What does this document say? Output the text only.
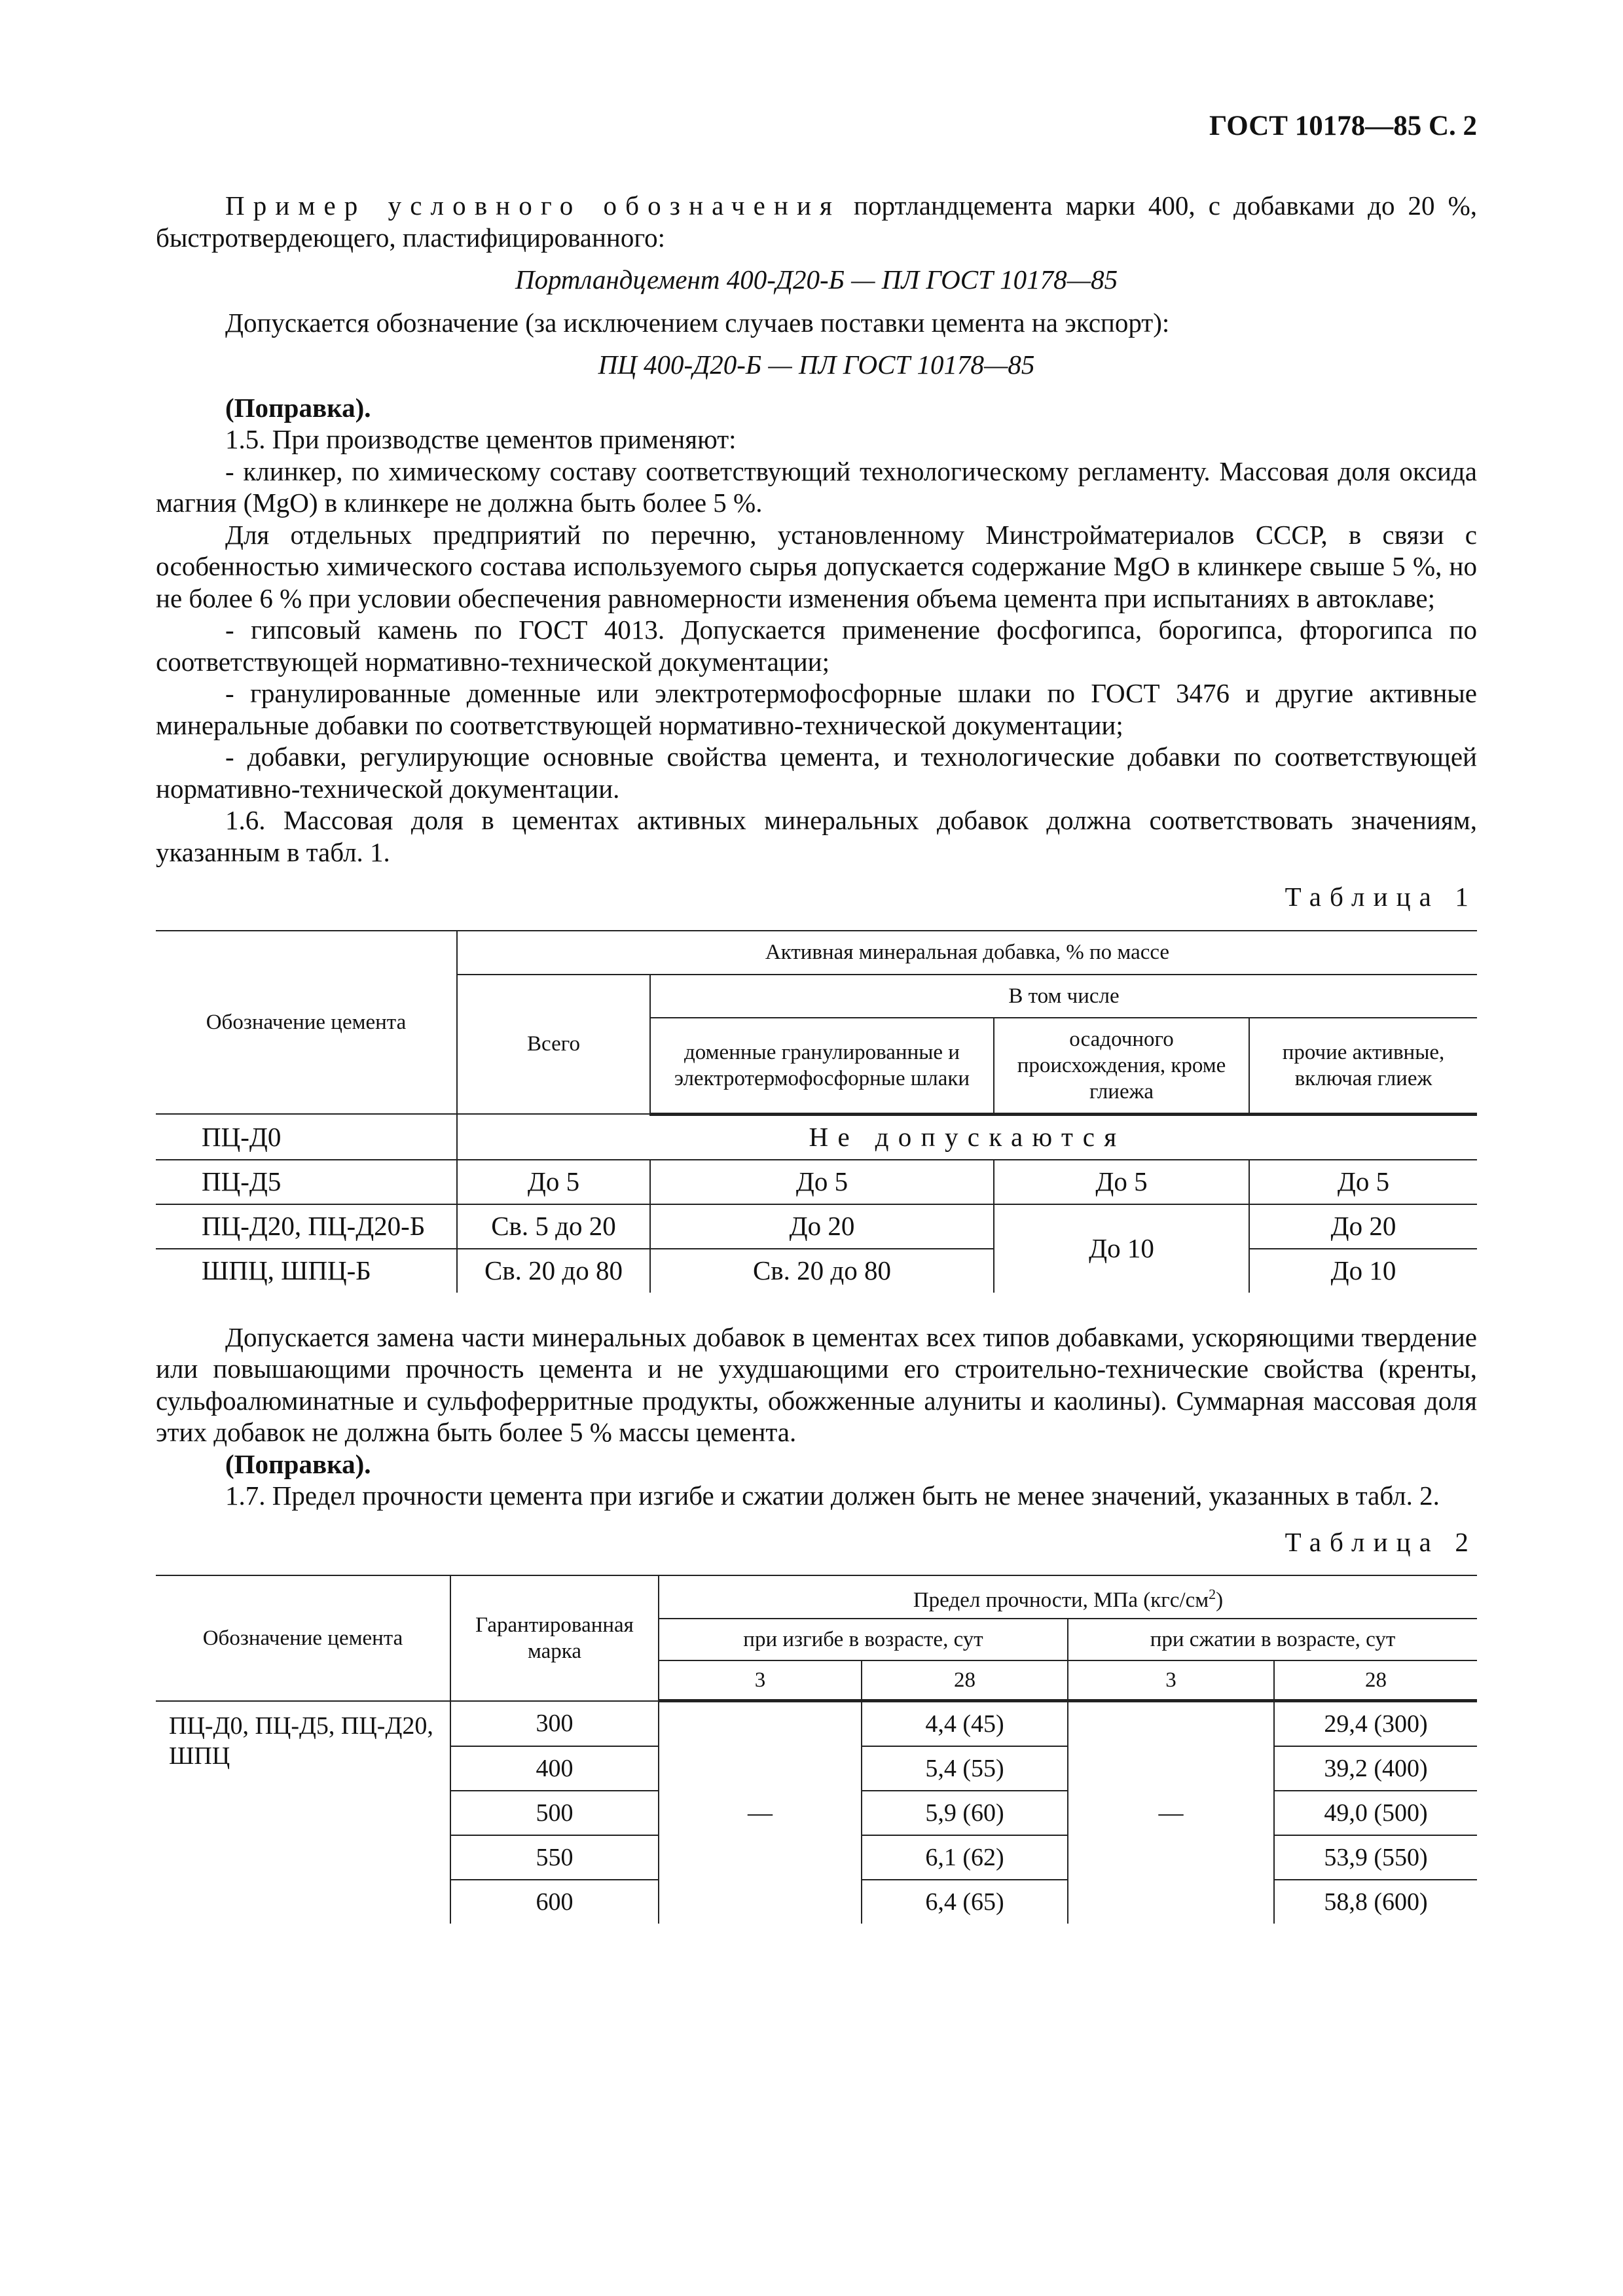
ГОСТ 10178—85 С. 2

Пример условного обозначения портландцемента марки 400, с добавками до 20 %, быстротвердеющего, пластифицированного:

Портландцемент 400-Д20-Б — ПЛ ГОСТ 10178—85

Допускается обозначение (за исключением случаев поставки цемента на экспорт):

ПЦ 400-Д20-Б — ПЛ ГОСТ 10178—85

(Поправка).

1.5. При производстве цементов применяют:

- клинкер, по химическому составу соответствующий технологическому регламенту. Массовая доля оксида магния (MgO) в клинкере не должна быть более 5 %.

Для отдельных предприятий по перечню, установленному Минстройматериалов СССР, в связи с особенностью химического состава используемого сырья допускается содержание MgO в клинкере свыше 5 %, но не более 6 % при условии обеспечения равномерности изменения объема цемента при испытаниях в автоклаве;

- гипсовый камень по ГОСТ 4013. Допускается применение фосфогипса, борогипса, фторогипса по соответствующей нормативно-технической документации;

- гранулированные доменные или электротермофосфорные шлаки по ГОСТ 3476 и другие активные минеральные добавки по соответствующей нормативно-технической документации;

- добавки, регулирующие основные свойства цемента, и технологические добавки по соответствующей нормативно-технической документации.

1.6. Массовая доля в цементах активных минеральных добавок должна соответствовать значениям, указанным в табл. 1.

Таблица 1

Обозначение цемента	Активная минеральная добавка, % по массе			
	Всего	В том числе		
		доменные гранулированные и электротермофосфорные шлаки	осадочного происхождения, кроме глиежа	прочие активные, включая глиеж
ПЦ-Д0	Не допускаются			
ПЦ-Д5	До 5	До 5	До 5	До 5
ПЦ-Д20, ПЦ-Д20-Б	Св. 5 до 20	До 20	До 10	До 20
ШПЦ, ШПЦ-Б	Св. 20 до 80	Св. 20 до 80		До 10

Допускается замена части минеральных добавок в цементах всех типов добавками, ускоряющими твердение или повышающими прочность цемента и не ухудшающими его строительно-технические свойства (кренты, сульфоалюминатные и сульфоферритные продукты, обожженные алуниты и каолины). Суммарная массовая доля этих добавок не должна быть более 5 % массы цемента.

(Поправка).

1.7. Предел прочности цемента при изгибе и сжатии должен быть не менее значений, указанных в табл. 2.

Таблица 2

Обозначение цемента	Гарантированная марка	Предел прочности, МПа $(кгс/см^2)$			
		при изгибе в возрасте, сут		при сжатии в возрасте, сут	
		3	28	3	28
ПЦ-Д0, ПЦ-Д5, ПЦ-Д20, ШПЦ	300	—	4,4 (45)	—	29,4 (300)
	400		5,4 (55)		39,2 (400)
	500		5,9 (60)		49,0 (500)
	550		6,1 (62)		53,9 (550)
	600		6,4 (65)		58,8 (600)
